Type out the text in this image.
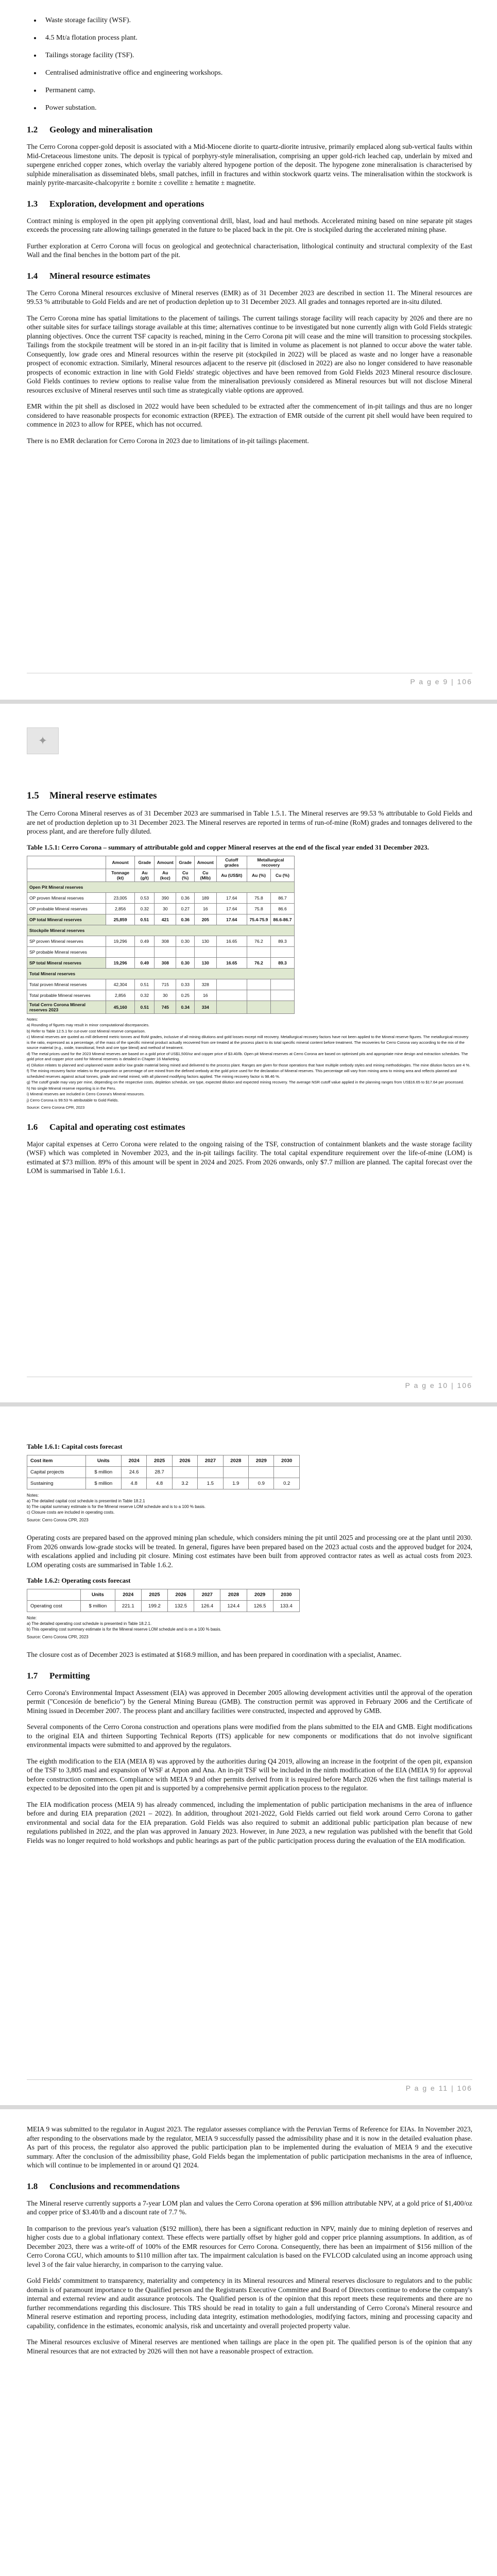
• Waste storage facility (WSF).
• 4.5 Mt/a flotation process plant.
• Tailings storage facility (TSF).
• Centralised administrative office and engineering workshops.
• Permanent camp.
• Power substation.
1.2	Geology and mineralisation

The Cerro Corona copper-gold deposit is associated with a Mid-Miocene diorite to quartz-diorite intrusive, primarily emplaced along sub-vertical faults within Mid-Cretaceous limestone units. The deposit is typical of porphyry-style mineralisation, comprising an upper gold-rich leached cap, underlain by mixed and supergene enriched copper zones, which overlay the variably altered hypogene portion of the deposit. The hypogene zone mineralisation is characterised by sulphide mineralisation as disseminated blebs, small patches, infill in fractures and within stockwork quartz veins. The mineralisation within the stockwork is mainly pyrite-marcasite-chalcopyrite ± bornite ± covellite ± hematite ± magnetite.

1.3	Exploration, development and operations

Contract mining is employed in the open pit applying conventional drill, blast, load and haul methods. Accelerated mining based on nine separate pit stages exceeds the processing rate allowing tailings generated in the future to be placed back in the pit. Ore is stockpiled during the accelerated mining phase.

Further exploration at Cerro Corona will focus on geological and geotechnical characterisation, lithological continuity and structural complexity of the East Wall and the final benches in the bottom part of the pit.

1.4	Mineral resource estimates

The Cerro Corona Mineral resources exclusive of Mineral reserves (EMR) as of 31 December 2023 are described in section 11. The Mineral resources are 99.53 % attributable to Gold Fields and are net of production depletion up to 31 December 2023. All grades and tonnages reported are in-situ diluted.

The Cerro Corona mine has spatial limitations to the placement of tailings. The current tailings storage facility will reach capacity by 2026 and there are no other suitable sites for surface tailings storage available at this time; alternatives continue to be investigated but none currently align with Gold Fields strategic planning objectives. Once the current TSF capacity is reached, mining in the Cerro Corona pit will cease and the mine will transition to processing stockpiles. Tailings from the stockpile treatment will be stored in an in-pit facility that is limited in volume as placement is not planned to occur above the water table. Consequently, low grade ores and Mineral resources within the reserve pit (stockpiled in 2022) will be placed as waste and no longer have a reasonable prospect of economic extraction. Similarly, Mineral resources adjacent to the reserve pit (disclosed in 2022) are also no longer considered to have reasonable prospects of economic extraction in line with Gold Fields' strategic objectives and have been removed from Gold Fields 2023 Mineral resource disclosure. Gold Fields continues to review options to realise value from the mineralisation previously considered as Mineral resources but will not disclose Mineral resources exclusive of Mineral reserves until such time as strategically viable options are approved.

EMR within the pit shell as disclosed in 2022 would have been scheduled to be extracted after the commencement of in-pit tailings and thus are no longer considered to have reasonable prospects for economic extraction (RPEE). The extraction of EMR outside of the current pit shell would have been required to commence in 2023 to allow for RPEE, which has not occurred.

There is no EMR declaration for Cerro Corona in 2023 due to limitations of in-pit tailings placement.

P a g e 9 | 106
✦
1.5	Mineral reserve estimates

The Cerro Corona Mineral reserves as of 31 December 2023 are summarised in Table 1.5.1. The Mineral reserves are 99.53 % attributable to Gold Fields and are net of production depletion up to 31 December 2023. The Mineral reserves are reported in terms of run-of-mine (RoM) grades and tonnages delivered to the process plant, and are therefore fully diluted.

Table 1.5.1: Cerro Corona – summary of attributable gold and copper Mineral reserves at the end of the fiscal year ended 31 December 2023.
	Amount	Grade	Amount	Grade	Amount	Cutoff grades	Metallurgical recovery	
	Tonnage (kt)	Au (g/t)	Au (koz)	Cu (%)	Cu (Mlb)	Au (US$/t)	Au (%)	Cu (%)
Open Pit Mineral reserves								
OP proven Mineral reserves	23,005	0.53	390	0.36	189	17.64	75.8	86.7
OP probable Mineral reserves	2,856	0.32	30	0.27	16	17.64	75.8	86.6
OP total Mineral reserves	25,859	0.51	421	0.36	205	17.64	75.4-75.9	86.6-86.7
Stockpile Mineral reserves								
SP proven Mineral reserves	19,296	0.49	308	0.30	130	16.65	76.2	89.3
SP probable Mineral reserves								
SP total Mineral reserves	19,296	0.49	308	0.30	130	16.65	76.2	89.3
Total Mineral reserves								
Total proven Mineral reserves	42,304	0.51	715	0.33	328			
Total probable Mineral reserves	2,856	0.32	30	0.25	16			
Total Cerro Corona Mineral reserves 2023	45,160	0.51	745	0.34	334			
Notes:
a) Rounding of figures may result in minor computational discrepancies.
b) Refer to Table 12.5.1 for cut-over cost Mineral reserve comparison.
c) Mineral reserves are quoted as mill delivered metric tonnes and RoM grades, inclusive of all mining dilutions and gold losses except mill recovery. Metallurgical recovery factors have not been applied to the Mineral reserve figures. The metallurgical recovery is the ratio, expressed as a percentage, of the mass of the specific mineral product actually recovered from ore treated at the process plant to its total specific mineral content before treatment. The recoveries for Cerro Corona vary according to the mix of the source material (e.g., oxide, transitional, fresh and ore type blend) and method of treatment.
d) The metal prices used for the 2023 Mineral reserves are based on a gold price of US$1,500/oz and copper price of $3.40/lb. Open pit Mineral reserves at Cerro Corona are based on optimised pits and appropriate mine design and extraction schedules. The gold price and copper price used for Mineral reserves is detailed in Chapter 16 Marketing.
e) Dilution relates to planned and unplanned waste and/or low grade material being mined and delivered to the process plant. Ranges are given for those operations that have multiple orebody styles and mining methodologies. The mine dilution factors are 4 %.
f) The mining recovery factor relates to the proportion or percentage of ore mined from the defined orebody at the gold price used for the declaration of Mineral reserves. This percentage will vary from mining area to mining area and reflects planned and scheduled reserves against actual tonnes, grade and metal mined, with all planned modifying factors applied. The mining recovery factor is 98.46 %.
g) The cutoff grade may vary per mine, depending on the respective costs, depletion schedule, ore type, expected dilution and expected mining recovery. The average NSR cutoff value applied in the planning ranges from US$16.65 to $17.64 per processed.
h) No single Mineral reserve reporting is in the Peru.
i) Mineral reserves are included in Cerro Corona's Mineral resources.
j) Cerro Corona is 99.53 % attributable to Gold Fields.
Source: Cerro Corona CPR, 2023
1.6	Capital and operating cost estimates

Major capital expenses at Cerro Corona were related to the ongoing raising of the TSF, construction of containment blankets and the waste storage facility (WSF) which was completed in November 2023, and the in-pit tailings facility. The total capital expenditure requirement over the life-of-mine (LOM) is estimated at $73 million. 89% of this amount will be spent in 2024 and 2025. From 2026 onwards, only $7.7 million are planned. The capital forecast over the LOM is summarised in Table 1.6.1.

P a g e 10 | 106
Table 1.6.1: Capital costs forecast
Cost item	Units	2024	2025	2026	2027	2028	2029	2030
Capital projects	$ million	24.6	28.7					
Sustaining	$ million	4.8	4.8	3.2	1.5	1.9	0.9	0.2
Notes:
a) The detailed capital cost schedule is presented in Table 18.2.1
b) The capital summary estimate is for the Mineral reserve LOM schedule and is to a 100 % basis.
c) Closure costs are included in operating costs.
Source: Cerro Corona CPR, 2023

Operating costs are prepared based on the approved mining plan schedule, which considers mining the pit until 2025 and processing ore at the plant until 2030. From 2026 onwards low-grade stocks will be treated. In general, figures have been prepared based on the 2023 actual costs and the approved budget for 2024, with escalations applied and including pit closure. Mining cost estimates have been built from approved contractor rates as well as actual costs from 2023. LOM operating costs are summarised in Table 1.6.2.

Table 1.6.2: Operating costs forecast
	Units	2024	2025	2026	2027	2028	2029	2030
Operating cost	$ million	221.1	199.2	132.5	126.4	124.4	126.5	133.4
Note:
a) The detailed operating cost schedule is presented in Table 18.2.1.
b) This operating cost summary estimate is for the Mineral reserve LOM schedule and is on a 100 % basis.
Source: Cerro Corona CPR, 2023

The closure cost as of December 2023 is estimated at $168.9 million, and has been prepared in coordination with a specialist, Anamec.

1.7	Permitting

Cerro Corona's Environmental Impact Assessment (EIA) was approved in December 2005 allowing development activities until the approval of the operation permit ("Concesión de beneficio") by the General Mining Bureau (GMB). The construction permit was approved in February 2006 and the Certificate of Mining issued in December 2007. The process plant and ancillary facilities were constructed, inspected and approved by GMB.

Several components of the Cerro Corona construction and operations plans were modified from the plans submitted to the EIA and GMB. Eight modifications to the original EIA and thirteen Supporting Technical Reports (ITS) applicable for new components or modifications that do not involve significant environmental impacts were submitted to and approved by the regulators.

The eighth modification to the EIA (MEIA 8) was approved by the authorities during Q4 2019, allowing an increase in the footprint of the open pit, expansion of the TSF to 3,805 masl and expansion of WSF at Arpon and Ana. An in-pit TSF will be included in the ninth modification of the EIA (MEIA 9) for approval before construction commences. Compliance with MEIA 9 and other permits derived from it is required before March 2026 when the first tailings material is expected to be deposited into the open pit and is supported by a comprehensive permit application process to the regulator.

The EIA modification process (MEIA 9) has already commenced, including the implementation of public participation mechanisms in the area of influence before and during EIA preparation (2021 – 2022). In addition, throughout 2021-2022, Gold Fields carried out field work around Cerro Corona to gather environmental and social data for the EIA preparation. Gold Fields was also required to submit an additional public participation plan because of new regulations published in 2022, and the plan was approved in January 2023. However, in June 2023, a new regulation was published with the benefit that Gold Fields was no longer required to hold workshops and public hearings as part of the public participation process during the evaluation of the EIA modification.

P a g e 11 | 106

MEIA 9 was submitted to the regulator in August 2023. The regulator assesses compliance with the Peruvian Terms of Reference for EIAs. In November 2023, after responding to the observations made by the regulator, MEIA 9 successfully passed the admissibility phase and it is now in the detailed evaluation phase. As part of this process, the regulator also approved the public participation plan to be implemented during the evaluation of MEIA 9 and the executive summary. After the conclusion of the admissibility phase, Gold Fields began the implementation of public participation mechanisms in the area of influence, which will continue to be implemented in or around Q1 2024.

1.8	Conclusions and recommendations

The Mineral reserve currently supports a 7-year LOM plan and values the Cerro Corona operation at $96 million attributable NPV, at a gold price of $1,400/oz and copper price of $3.40/lb and a discount rate of 7.7 %.

In comparison to the previous year's valuation ($192 million), there has been a significant reduction in NPV, mainly due to mining depletion of reserves and higher costs due to a global inflationary context. These effects were partially offset by higher gold and copper price planning assumptions. In addition, as of December 2023, there was a write-off of 100% of the EMR resources for Cerro Corona. Consequently, there has been an impairment of $156 million of the Cerro Corona CGU, which amounts to $110 million after tax. The impairment calculation is based on the FVLCOD calculated using an income approach using level 3 of the fair value hierarchy, in comparison to the carrying value.

Gold Fields' commitment to transparency, materiality and competency in its Mineral resources and Mineral reserves disclosure to regulators and to the public domain is of paramount importance to the Qualified person and the Registrants Executive Committee and Board of Directors continue to endorse the company's internal and external review and audit assurance protocols. The Qualified person is of the opinion that this report meets these requirements and there are no further recommendations regarding this disclosure. This TRS should be read in totality to gain a full understanding of Cerro Corona's Mineral resource and Mineral reserve estimation and reporting process, including data integrity, estimation methodologies, modifying factors, mining and processing capacity and capability, confidence in the estimates, economic analysis, risk and uncertainty and overall projected property value.

The Mineral resources exclusive of Mineral reserves are mentioned when tailings are place in the open pit. The qualified person is of the opinion that any Mineral resources that are not extracted by 2026 will then not have a reasonable prospect of extraction.
